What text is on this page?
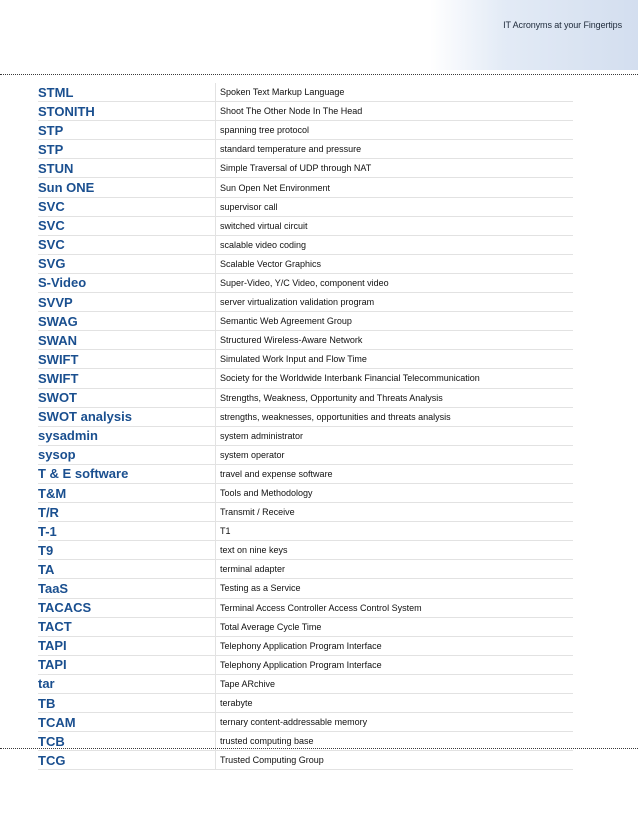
IT Acronyms at your Fingertips
STML	Spoken Text Markup Language
STONITH	Shoot The Other Node In The Head
STP	spanning tree protocol
STP	standard temperature and pressure
STUN	Simple Traversal of UDP through NAT
Sun ONE	Sun Open Net Environment
SVC	supervisor call
SVC	switched virtual circuit
SVC	scalable video coding
SVG	Scalable Vector Graphics
S-Video	Super-Video, Y/C Video, component video
SVVP	server virtualization validation program
SWAG	Semantic Web Agreement Group
SWAN	Structured Wireless-Aware Network
SWIFT	Simulated Work Input and Flow Time
SWIFT	Society for the Worldwide Interbank Financial Telecommunication
SWOT	Strengths, Weakness, Opportunity and Threats Analysis
SWOT analysis	strengths, weaknesses, opportunities and threats analysis
sysadmin	system administrator
sysop	system operator
T & E software	travel and expense software
T&M	Tools and Methodology
T/R	Transmit / Receive
T-1	T1
T9	text on nine keys
TA	terminal adapter
TaaS	Testing as a Service
TACACS	Terminal Access Controller Access Control System
TACT	Total Average Cycle Time
TAPI	Telephony Application Program Interface
TAPI	Telephony Application Program Interface
tar	Tape ARchive
TB	terabyte
TCAM	ternary content-addressable memory
TCB	trusted computing base
TCG	Trusted Computing Group
